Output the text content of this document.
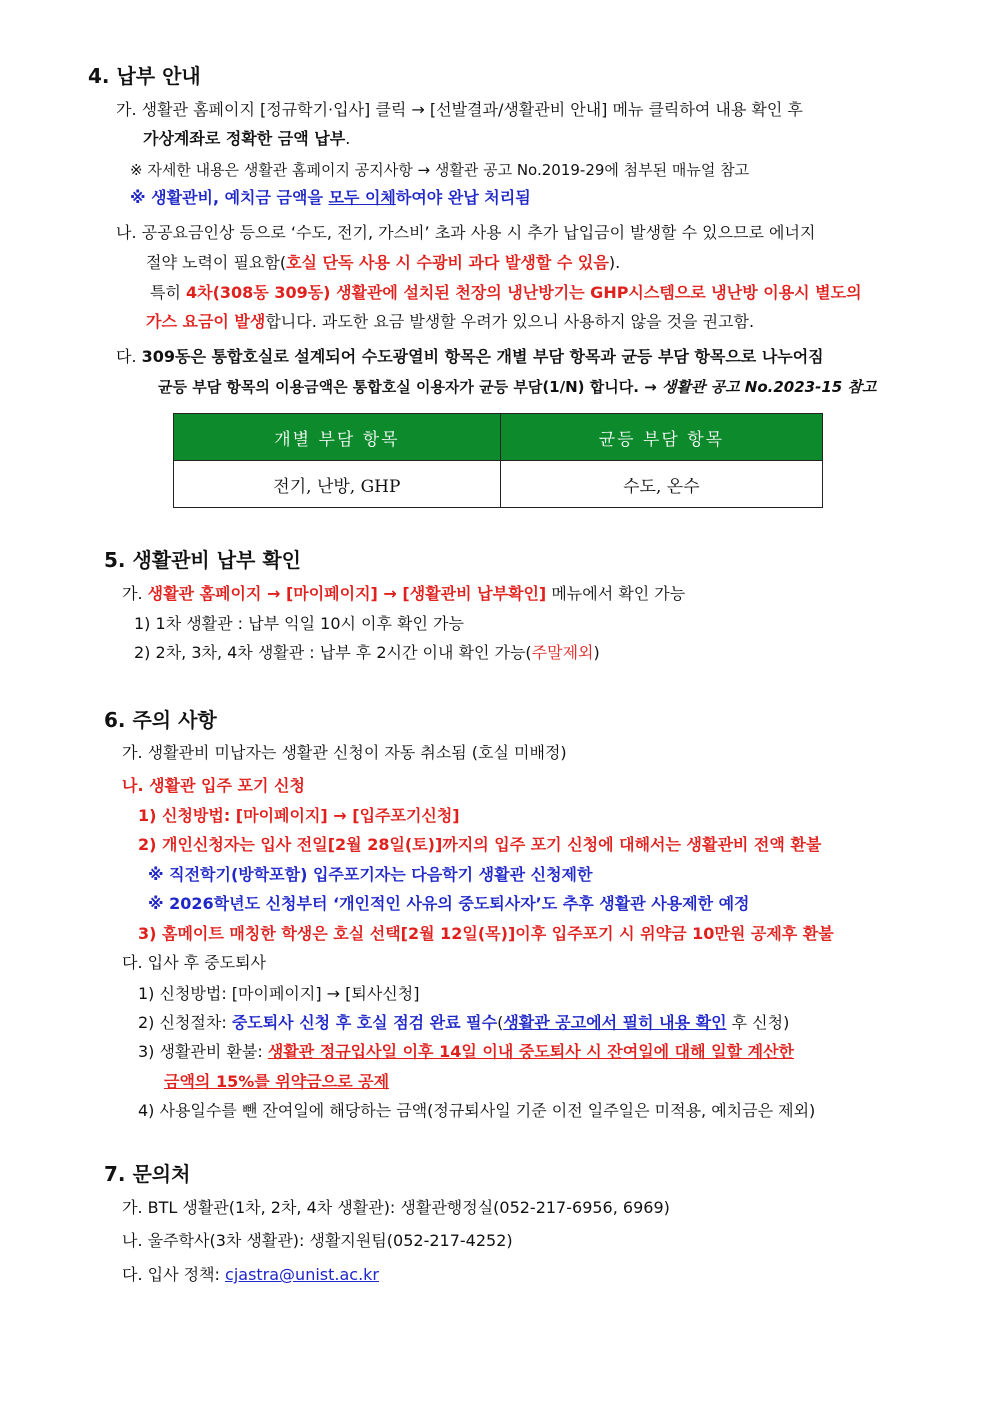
4. 납부 안내
가. 생활관 홈페이지 [정규학기·입사] 클릭 → [선발결과/생활관비 안내] 메뉴 클릭하여 내용 확인 후
가상계좌로 정확한 금액 납부.
※ 자세한 내용은 생활관 홈페이지 공지사항 → 생활관 공고 No.2019-29에 첨부된 매뉴얼 참고
※ 생활관비, 예치금 금액을 모두 이체하여야 완납 처리됨
나. 공공요금인상 등으로 ‘수도, 전기, 가스비’ 초과 사용 시 추가 납입금이 발생할 수 있으므로 에너지
절약 노력이 필요함(호실 단독 사용 시 수광비 과다 발생할 수 있음).
특히 4차(308동 309동) 생활관에 설치된 천장의 냉난방기는 GHP시스템으로 냉난방 이용시 별도의
가스 요금이 발생합니다. 과도한 요금 발생할 우려가 있으니 사용하지 않을 것을 권고함.
다. 309동은 통합호실로 설계되어 수도광열비 항목은 개별 부담 항목과 균등 부담 항목으로 나누어짐
균등 부담 항목의 이용금액은 통합호실 이용자가 균등 부담(1/N) 합니다. → 생활관 공고 No.2023-15 참고
개별 부담 항목	균등 부담 항목
전기, 난방, GHP	수도, 온수
5. 생활관비 납부 확인
가. 생활관 홈페이지 → [마이페이지] → [생활관비 납부확인] 메뉴에서 확인 가능
1) 1차 생활관 : 납부 익일 10시 이후 확인 가능
2) 2차, 3차, 4차 생활관 : 납부 후 2시간 이내 확인 가능(주말제외)
6. 주의 사항
가. 생활관비 미납자는 생활관 신청이 자동 취소됨 (호실 미배정)
나. 생활관 입주 포기 신청
1) 신청방법: [마이페이지] → [입주포기신청]
2) 개인신청자는 입사 전일[2월 28일(토)]까지의 입주 포기 신청에 대해서는 생활관비 전액 환불
※ 직전학기(방학포함) 입주포기자는 다음학기 생활관 신청제한
※ 2026학년도 신청부터 ‘개인적인 사유의 중도퇴사자’도 추후 생활관 사용제한 예정
3) 홈메이트 매칭한 학생은 호실 선택[2월 12일(목)]이후 입주포기 시 위약금 10만원 공제후 환불
다. 입사 후 중도퇴사
1) 신청방법: [마이페이지] → [퇴사신청]
2) 신청절차: 중도퇴사 신청 후 호실 점검 완료 필수(생활관 공고에서 필히 내용 확인 후 신청)
3) 생활관비 환불: 생활관 정규입사일 이후 14일 이내 중도퇴사 시 잔여일에 대해 일할 계산한
금액의 15%를 위약금으로 공제
4) 사용일수를 뺀 잔여일에 해당하는 금액(정규퇴사일 기준 이전 일주일은 미적용, 예치금은 제외)
7. 문의처
가. BTL 생활관(1차, 2차, 4차 생활관): 생활관행정실(052-217-6956, 6969)
나. 울주학사(3차 생활관): 생활지원팀(052-217-4252)
다. 입사 정책: cjastra@unist.ac.kr
